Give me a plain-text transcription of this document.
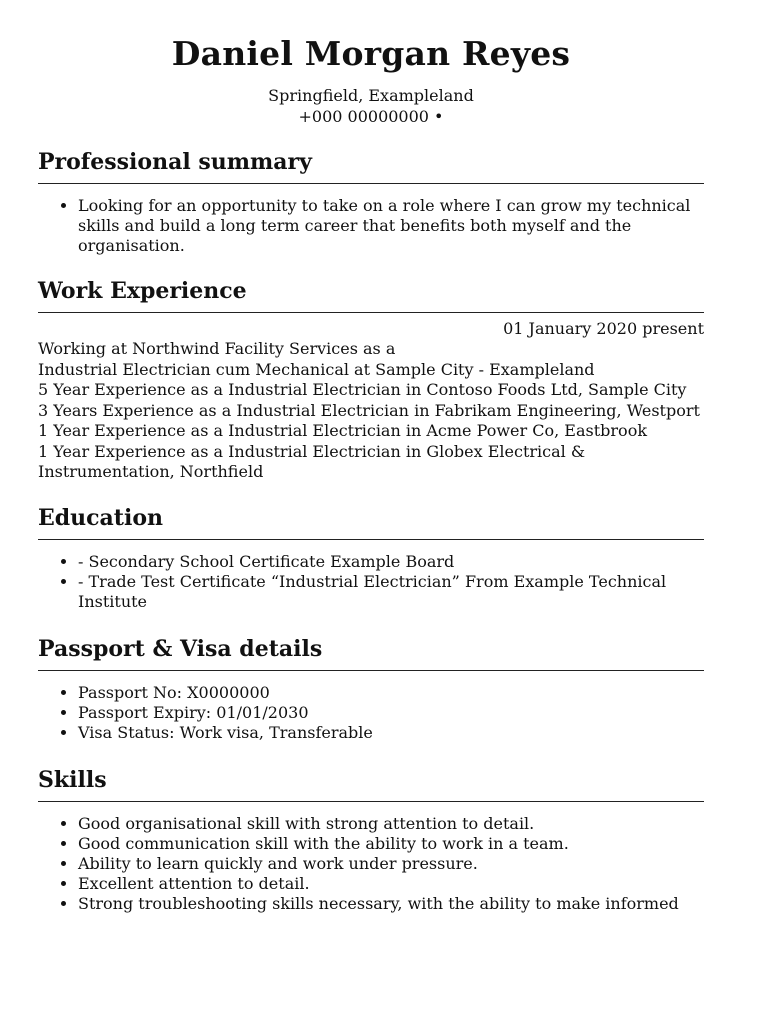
Daniel Morgan Reyes
Springfield, Exampleland
+000 00000000 •
Professional summary
• Looking for an opportunity to take on a role where I can grow my technical skills and build a long term career that benefits both myself and the organisation.
Work Experience
01 January 2020 present
Working at Northwind Facility Services as a
Industrial Electrician cum Mechanical at Sample City - Exampleland
5 Year Experience as a Industrial Electrician in Contoso Foods Ltd, Sample City
3 Years Experience as a Industrial Electrician in Fabrikam Engineering, Westport
1 Year Experience as a Industrial Electrician in Acme Power Co, Eastbrook
1 Year Experience as a Industrial Electrician in Globex Electrical & Instrumentation, Northfield
Education
• - Secondary School Certificate Example Board
• - Trade Test Certificate “Industrial Electrician” From Example Technical Institute
Passport & Visa details
• Passport No: X0000000
• Passport Expiry: 01/01/2030
• Visa Status: Work visa, Transferable
Skills
• Good organisational skill with strong attention to detail.
• Good communication skill with the ability to work in a team.
• Ability to learn quickly and work under pressure.
• Excellent attention to detail.
• Strong troubleshooting skills necessary, with the ability to make informed
